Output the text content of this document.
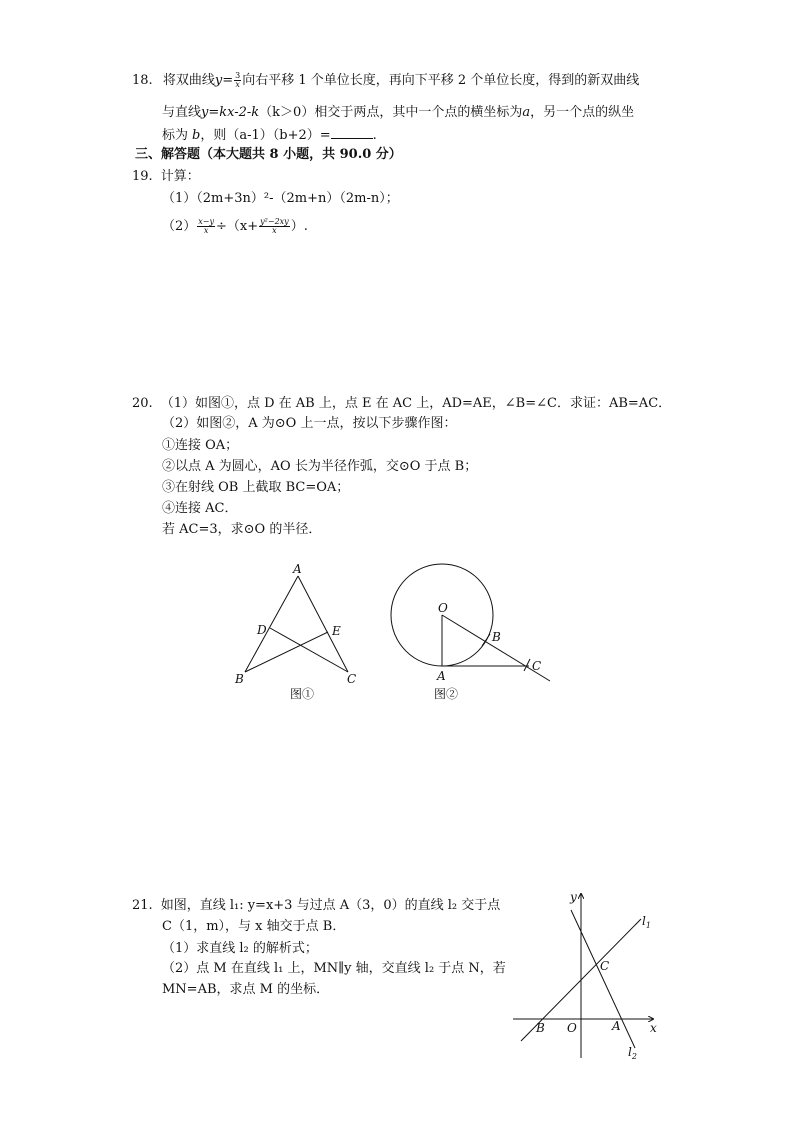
18. 将双曲线$y= \frac{3}{x}$ 向右平移 1 个单位长度，再向下平移 2 个单位长度，得到的新双曲线
与直线y=kx-2-k（k＞0）相交于两点，其中一个点的横坐标为a，另一个点的纵坐
标为 b，则（a-1）（b+2）=	.
三、解答题（本大题共 8 小题，共 90.0 分）
19. 计算：
（1）（2m+3n）²-（2m+n）（2m-n）；
$(2) \frac{x-y}{x} \div(x+ \frac{\text{y²−2xy}}{x}$ ）.
20. （1）如图①，点 D 在 AB 上，点 E 在 AC 上，AD=AE，∠B=∠C．求证：AB=AC．
（2）如图②，A 为⊙O 上一点，按以下步骤作图：
①连接 OA；
②以点 A 为圆心，AO 长为半径作弧，交⊙O 于点 B；
③在射线 OB 上截取 BC=OA；
④连接 AC．
若 AC=3，求⊙O 的半径．
A
D	E
B	C
图①
O
B
C
A
图②
21. 如图，直线 l₁: y=x+3 与过点 A（3，0）的直线 l₂ 交于点
C（1，m），与 x 轴交于点 B．
（1）求直线 l₂ 的解析式；
（2）点 M 在直线 l₁ 上，MN∥y 轴，交直线 l₂ 于点 N，若
MN=AB，求点 M 的坐标．
y
x
O
B	A
C
$l_1$
$l_2$
